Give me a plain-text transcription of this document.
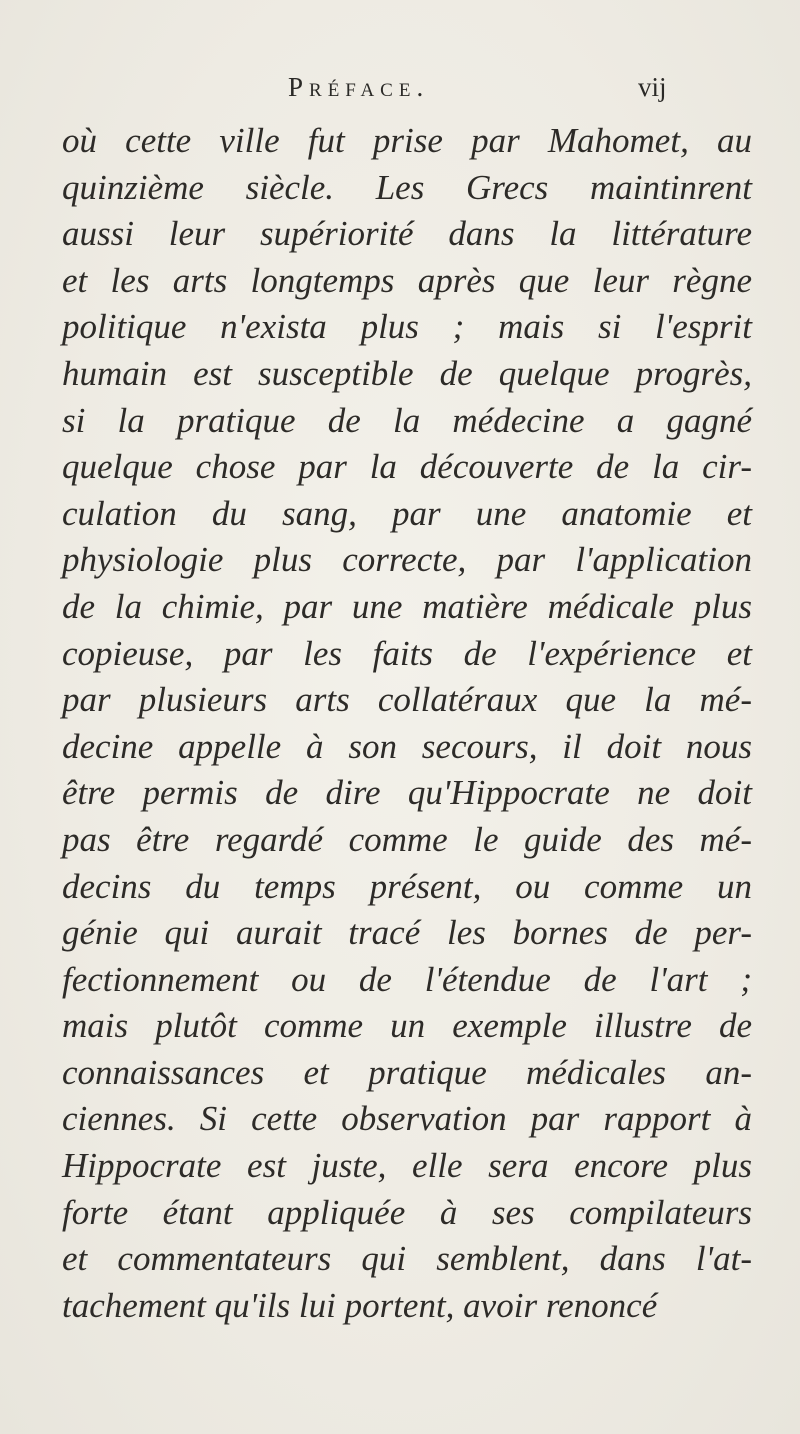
Préface.	vij
où cette ville fut prise par Mahomet, au
quinzième siècle. Les Grecs maintinrent
aussi leur supériorité dans la littérature
et les arts longtemps après que leur règne
politique n'exista plus ; mais si l'esprit
humain est susceptible de quelque progrès,
si la pratique de la médecine a gagné
quelque chose par la découverte de la cir-
culation du sang, par une anatomie et
physiologie plus correcte, par l'application
de la chimie, par une matière médicale plus
copieuse, par les faits de l'expérience et
par plusieurs arts collatéraux que la mé-
decine appelle à son secours, il doit nous
être permis de dire qu'Hippocrate ne doit
pas être regardé comme le guide des mé-
decins du temps présent, ou comme un
génie qui aurait tracé les bornes de per-
fectionnement ou de l'étendue de l'art ;
mais plutôt comme un exemple illustre de
connaissances et pratique médicales an-
ciennes. Si cette observation par rapport à
Hippocrate est juste, elle sera encore plus
forte étant appliquée à ses compilateurs
et commentateurs qui semblent, dans l'at-
tachement qu'ils lui portent, avoir renoncé
